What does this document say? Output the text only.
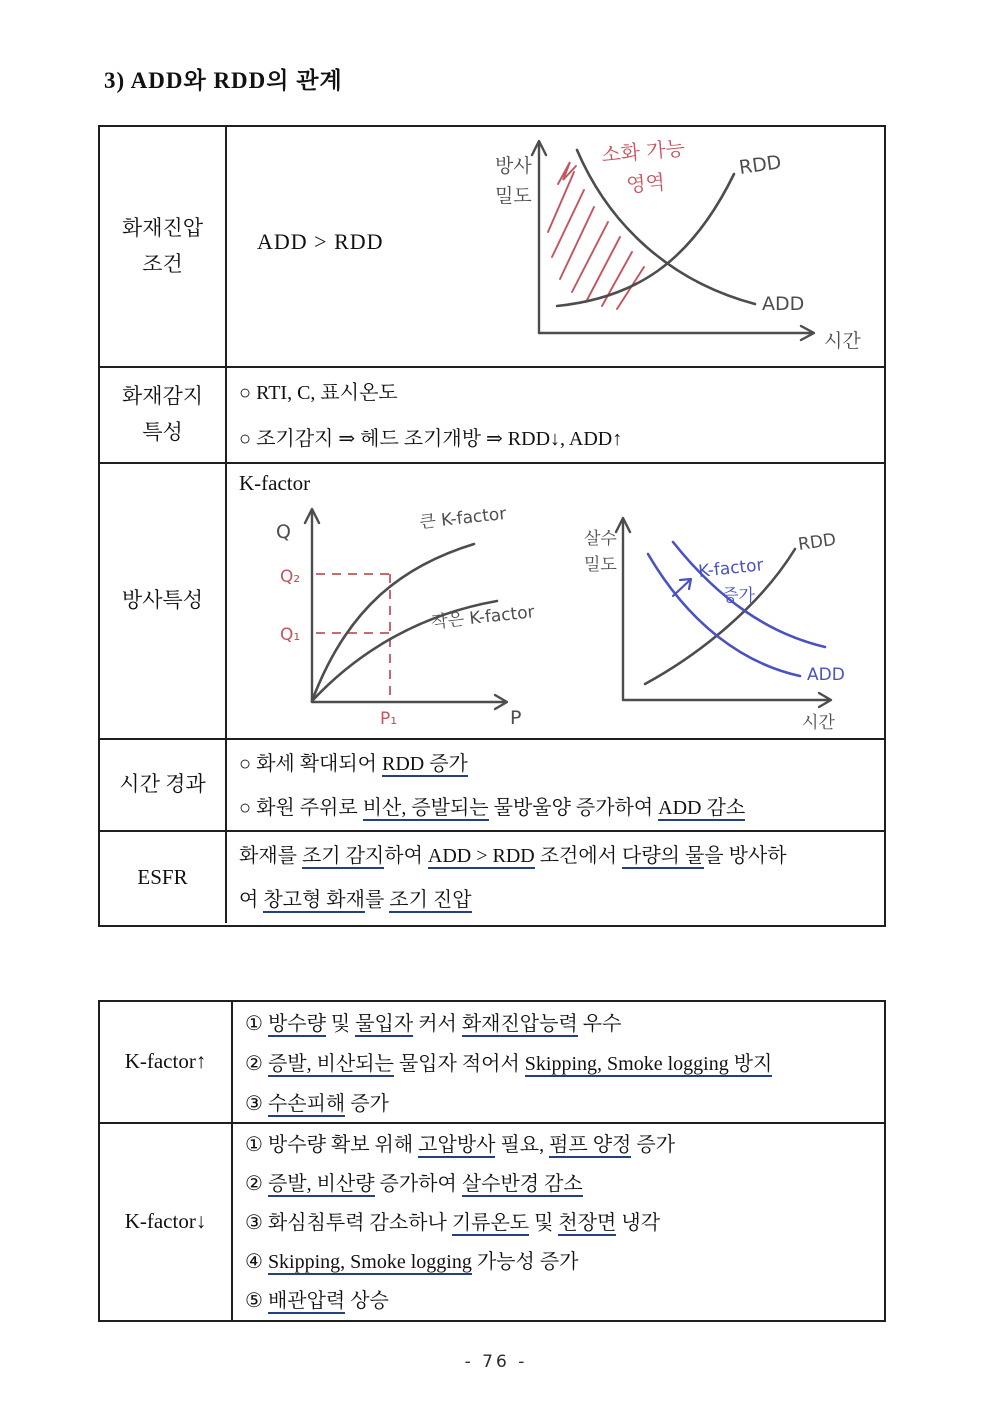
3) ADD와 RDD의 관계
화재진압 조건
ADD > RDD
화재감지 특성
○ RTI, C, 표시온도
○ 조기감지 ⇒ 헤드 조기개방 ⇒ RDD↓, ADD↑
방사특성
K-factor
시간 경과
○ 화세 확대되어 RDD 증가
○ 화원 주위로 비산, 증발되는 물방울양 증가하여 ADD 감소
ESFR
화재를 조기 감지하여 ADD > RDD 조건에서 다량의 물을 방사하
여 창고형 화재를 조기 진압
방사
밀도
시간
RDD
ADD
소화 가능
영역
Q
P
Q₂
Q₁
P₁
큰 K-factor
작은 K-factor
살수
밀도
시간
RDD
ADD
K-factor
증가
K-factor↑
① 방수량 및 물입자 커서 화재진압능력 우수
② 증발, 비산되는 물입자 적어서 Skipping, Smoke logging 방지
③ 수손피해 증가
K-factor↓
① 방수량 확보 위해 고압방사 필요, 펌프 양정 증가
② 증발, 비산량 증가하여 살수반경 감소
③ 화심침투력 감소하나 기류온도 및 천장면 냉각
④ Skipping, Smoke logging 가능성 증가
⑤ 배관압력 상승
- 76 -
